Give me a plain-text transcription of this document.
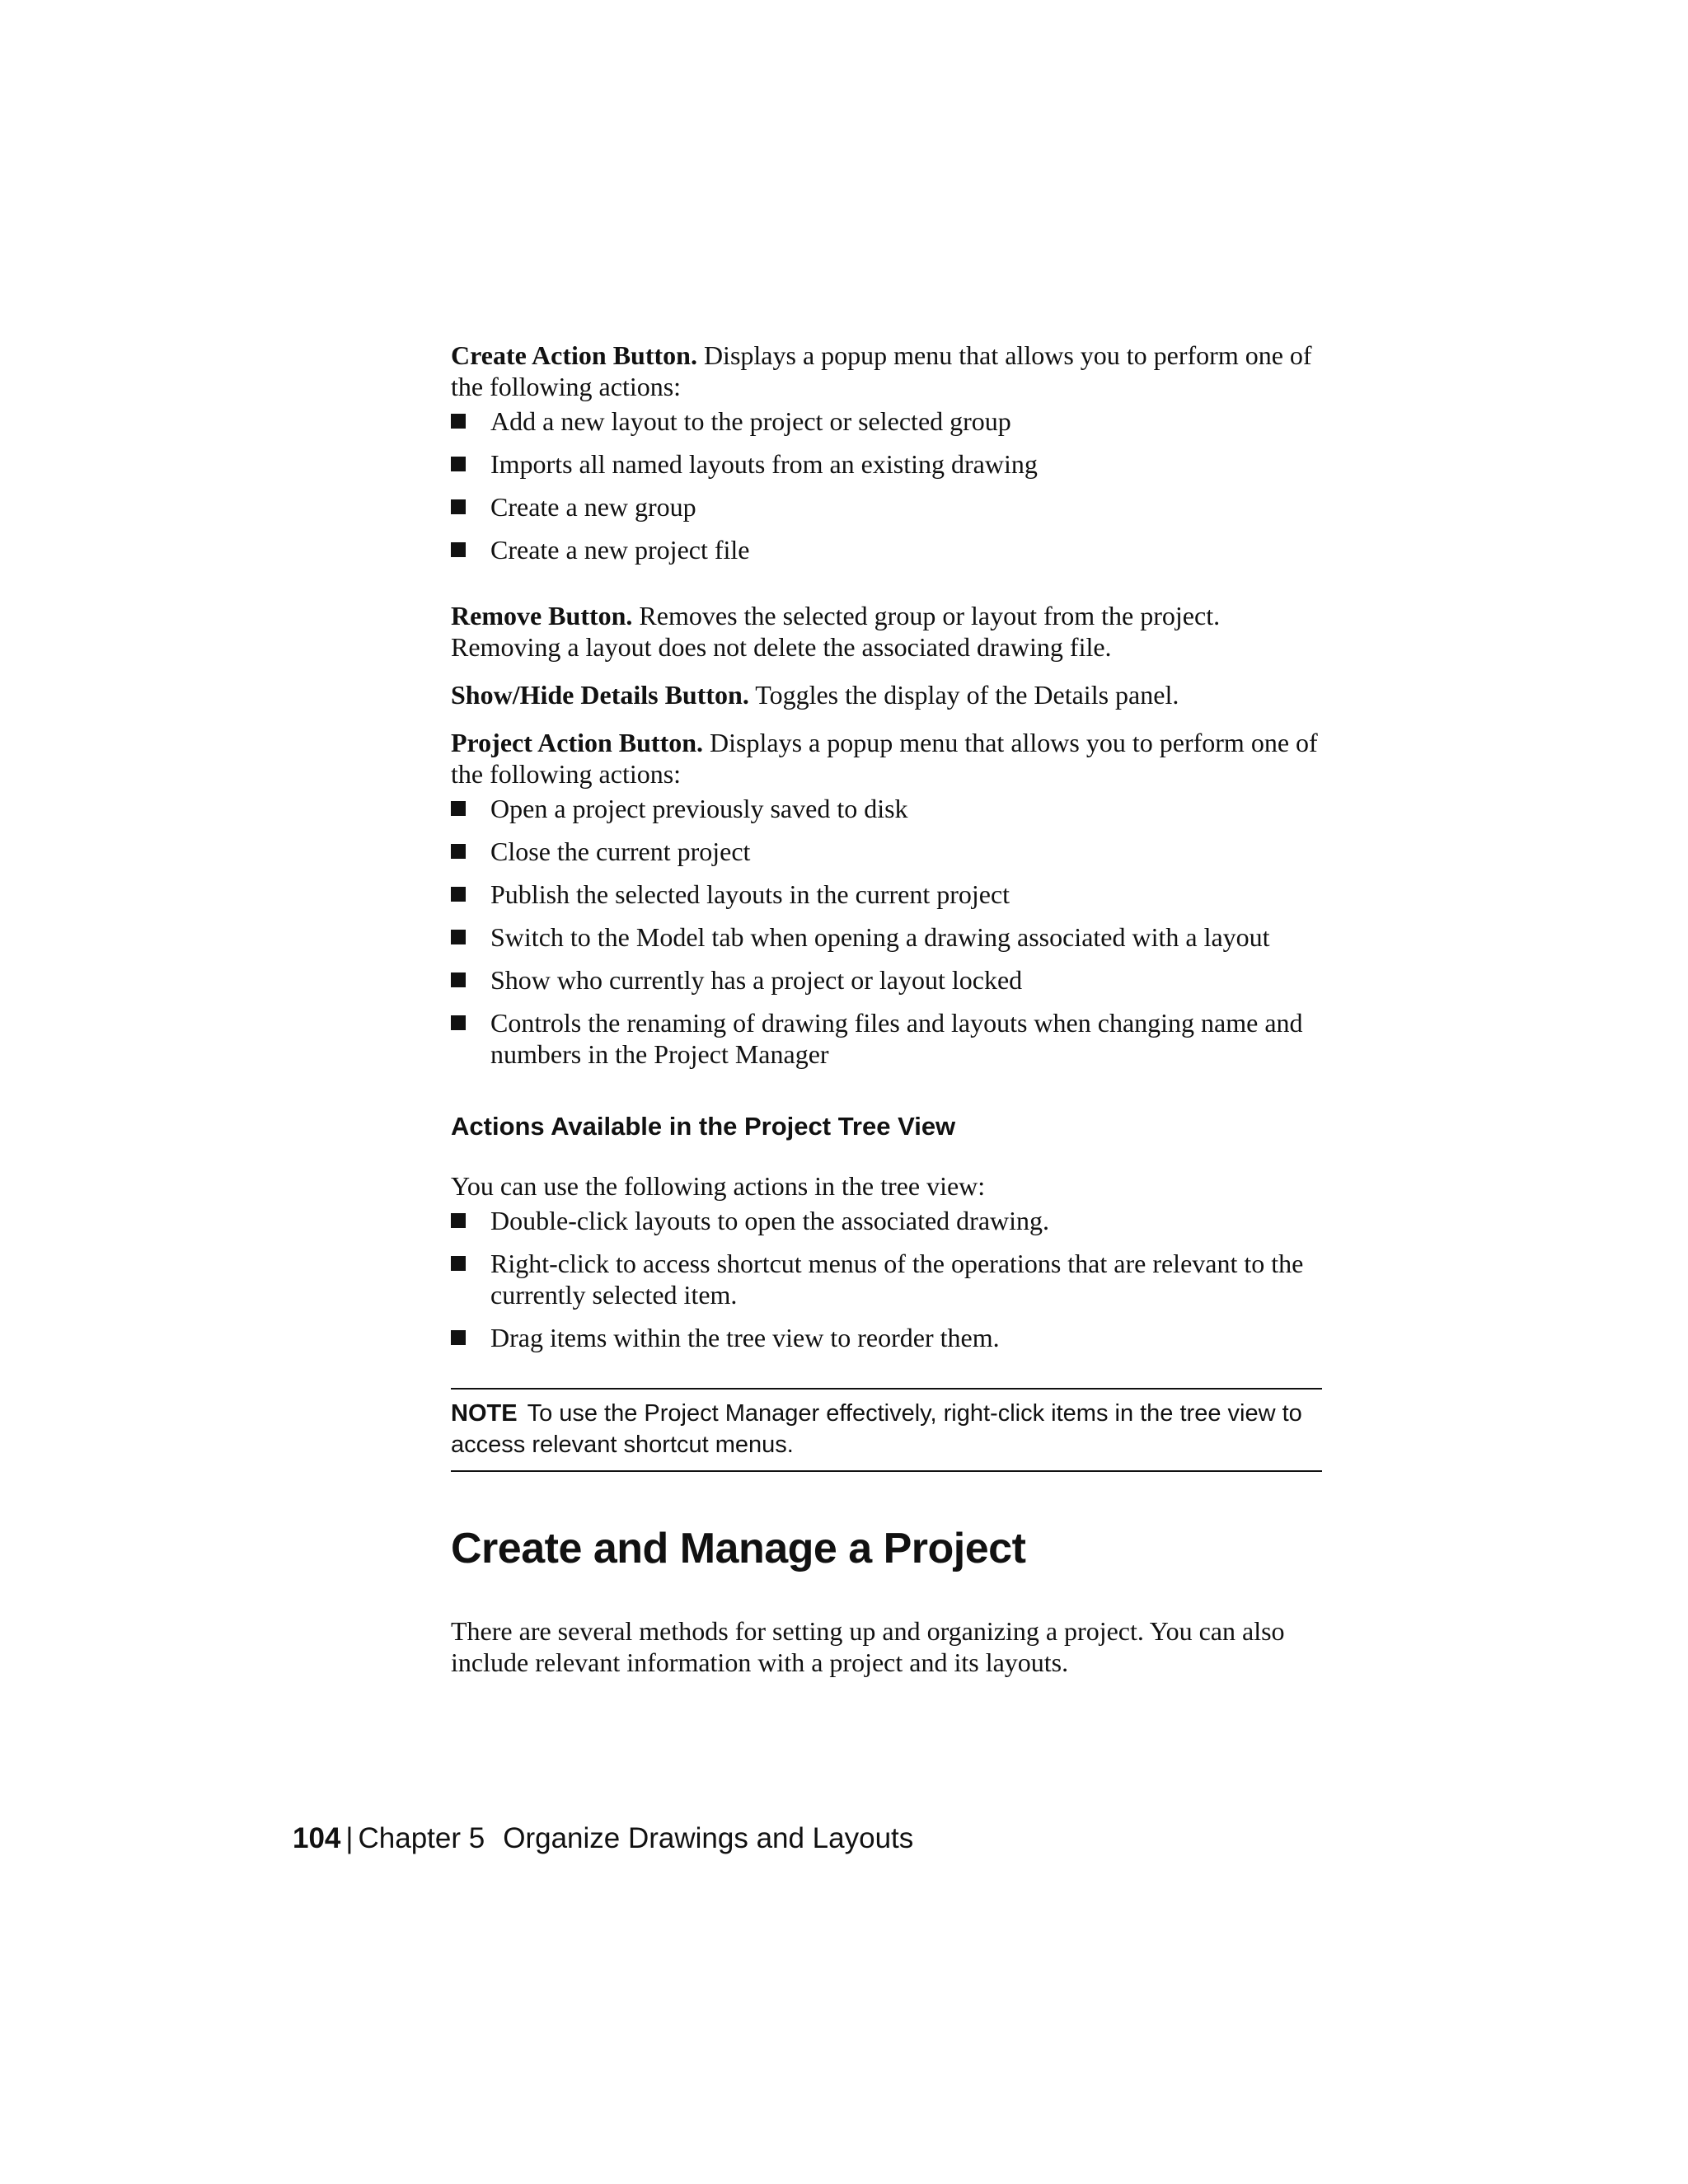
Create Action Button. Displays a popup menu that allows you to perform one of the following actions:

Add a new layout to the project or selected group
Imports all named layouts from an existing drawing
Create a new group
Create a new project file

Remove Button. Removes the selected group or layout from the project. Removing a layout does not delete the associated drawing file.

Show/Hide Details Button. Toggles the display of the Details panel.

Project Action Button. Displays a popup menu that allows you to perform one of the following actions:

Open a project previously saved to disk
Close the current project
Publish the selected layouts in the current project
Switch to the Model tab when opening a drawing associated with a layout
Show who currently has a project or layout locked
Controls the renaming of drawing files and layouts when changing name and numbers in the Project Manager
Actions Available in the Project Tree View

You can use the following actions in the tree view:

Double-click layouts to open the associated drawing.
Right-click to access shortcut menus of the operations that are relevant to the currently selected item.
Drag items within the tree view to reorder them.
NOTE To use the Project Manager effectively, right-click items in the tree view to access relevant shortcut menus.
Create and Manage a Project

There are several methods for setting up and organizing a project. You can also include relevant information with a project and its layouts.

104 | Chapter 5 Organize Drawings and Layouts
